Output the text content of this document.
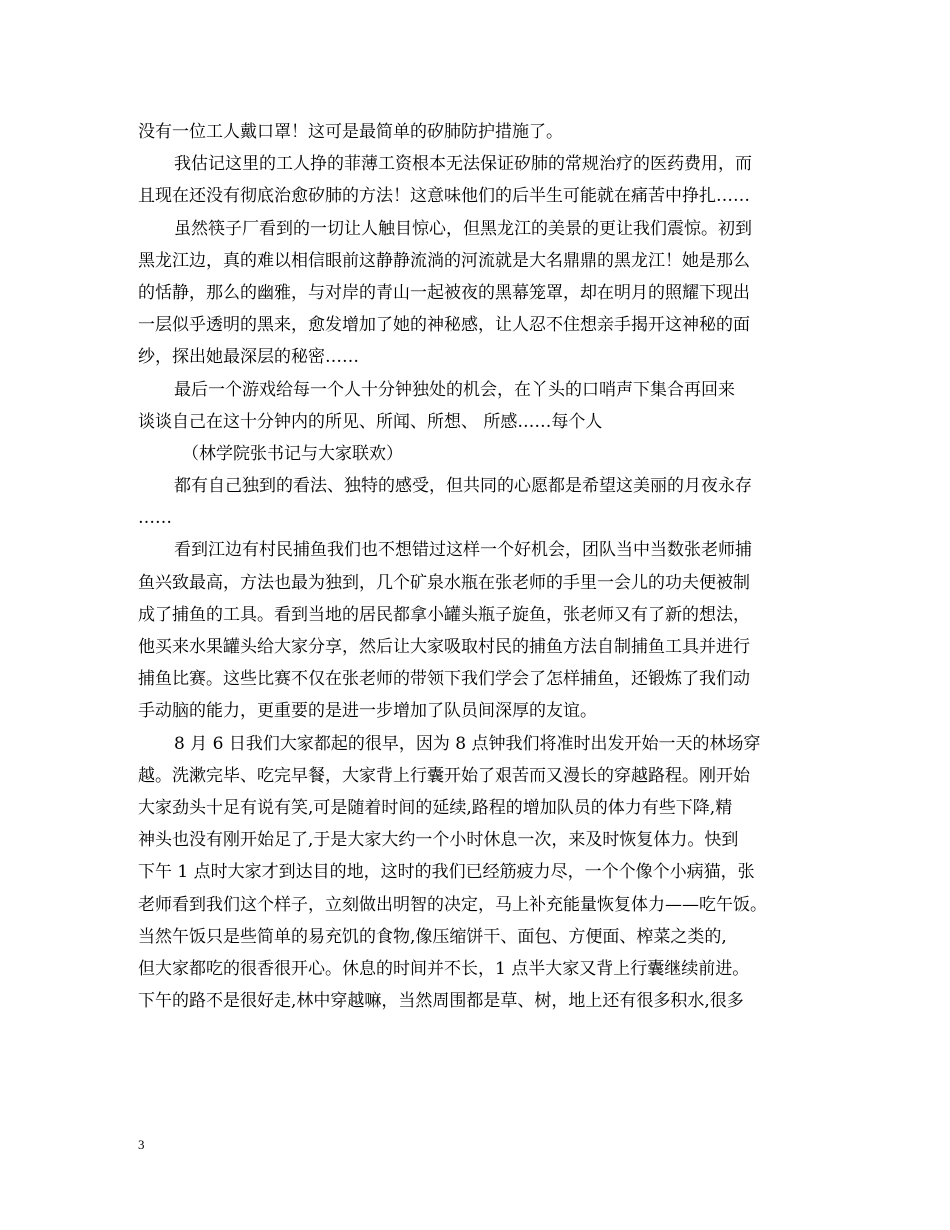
没有一位工人戴口罩！这可是最简单的矽肺防护措施了。
我估记这里的工人挣的菲薄工资根本无法保证矽肺的常规治疗的医药费用，而
且现在还没有彻底治愈矽肺的方法！这意味他们的后半生可能就在痛苦中挣扎……
虽然筷子厂看到的一切让人触目惊心，但黑龙江的美景的更让我们震惊。初到
黑龙江边，真的难以相信眼前这静静流淌的河流就是大名鼎鼎的黑龙江！她是那么
的恬静，那么的幽雅，与对岸的青山一起被夜的黑幕笼罩，却在明月的照耀下现出
一层似乎透明的黑来，愈发增加了她的神秘感，让人忍不住想亲手揭开这神秘的面
纱，探出她最深层的秘密……
最后一个游戏给每一个人十分钟独处的机会，在丫头的口哨声下集合再回来
谈谈自己在这十分钟内的所见、所闻、所想、 所感……每个人
（林学院张书记与大家联欢）
都有自己独到的看法、独特的感受，但共同的心愿都是希望这美丽的月夜永存
……
看到江边有村民捕鱼我们也不想错过这样一个好机会，团队当中当数张老师捕
鱼兴致最高，方法也最为独到，几个矿泉水瓶在张老师的手里一会儿的功夫便被制
成了捕鱼的工具。看到当地的居民都拿小罐头瓶子旋鱼，张老师又有了新的想法，
他买来水果罐头给大家分享，然后让大家吸取村民的捕鱼方法自制捕鱼工具并进行
捕鱼比赛。这些比赛不仅在张老师的带领下我们学会了怎样捕鱼，还锻炼了我们动
手动脑的能力，更重要的是进一步增加了队员间深厚的友谊。
8 月 6 日我们大家都起的很早，因为 8 点钟我们将准时出发开始一天的林场穿
越。洗漱完毕、吃完早餐，大家背上行囊开始了艰苦而又漫长的穿越路程。刚开始
大家劲头十足有说有笑,可是随着时间的延续,路程的增加队员的体力有些下降,精
神头也没有刚开始足了,于是大家大约一个小时休息一次，来及时恢复体力。快到
下午 1 点时大家才到达目的地，这时的我们已经筋疲力尽，一个个像个小病猫，张
老师看到我们这个样子，立刻做出明智的决定，马上补充能量恢复体力——吃午饭。
当然午饭只是些简单的易充饥的食物,像压缩饼干、面包、方便面、榨菜之类的,
但大家都吃的很香很开心。休息的时间并不长，1 点半大家又背上行囊继续前进。
下午的路不是很好走,林中穿越嘛，当然周围都是草、树，地上还有很多积水,很多
3
